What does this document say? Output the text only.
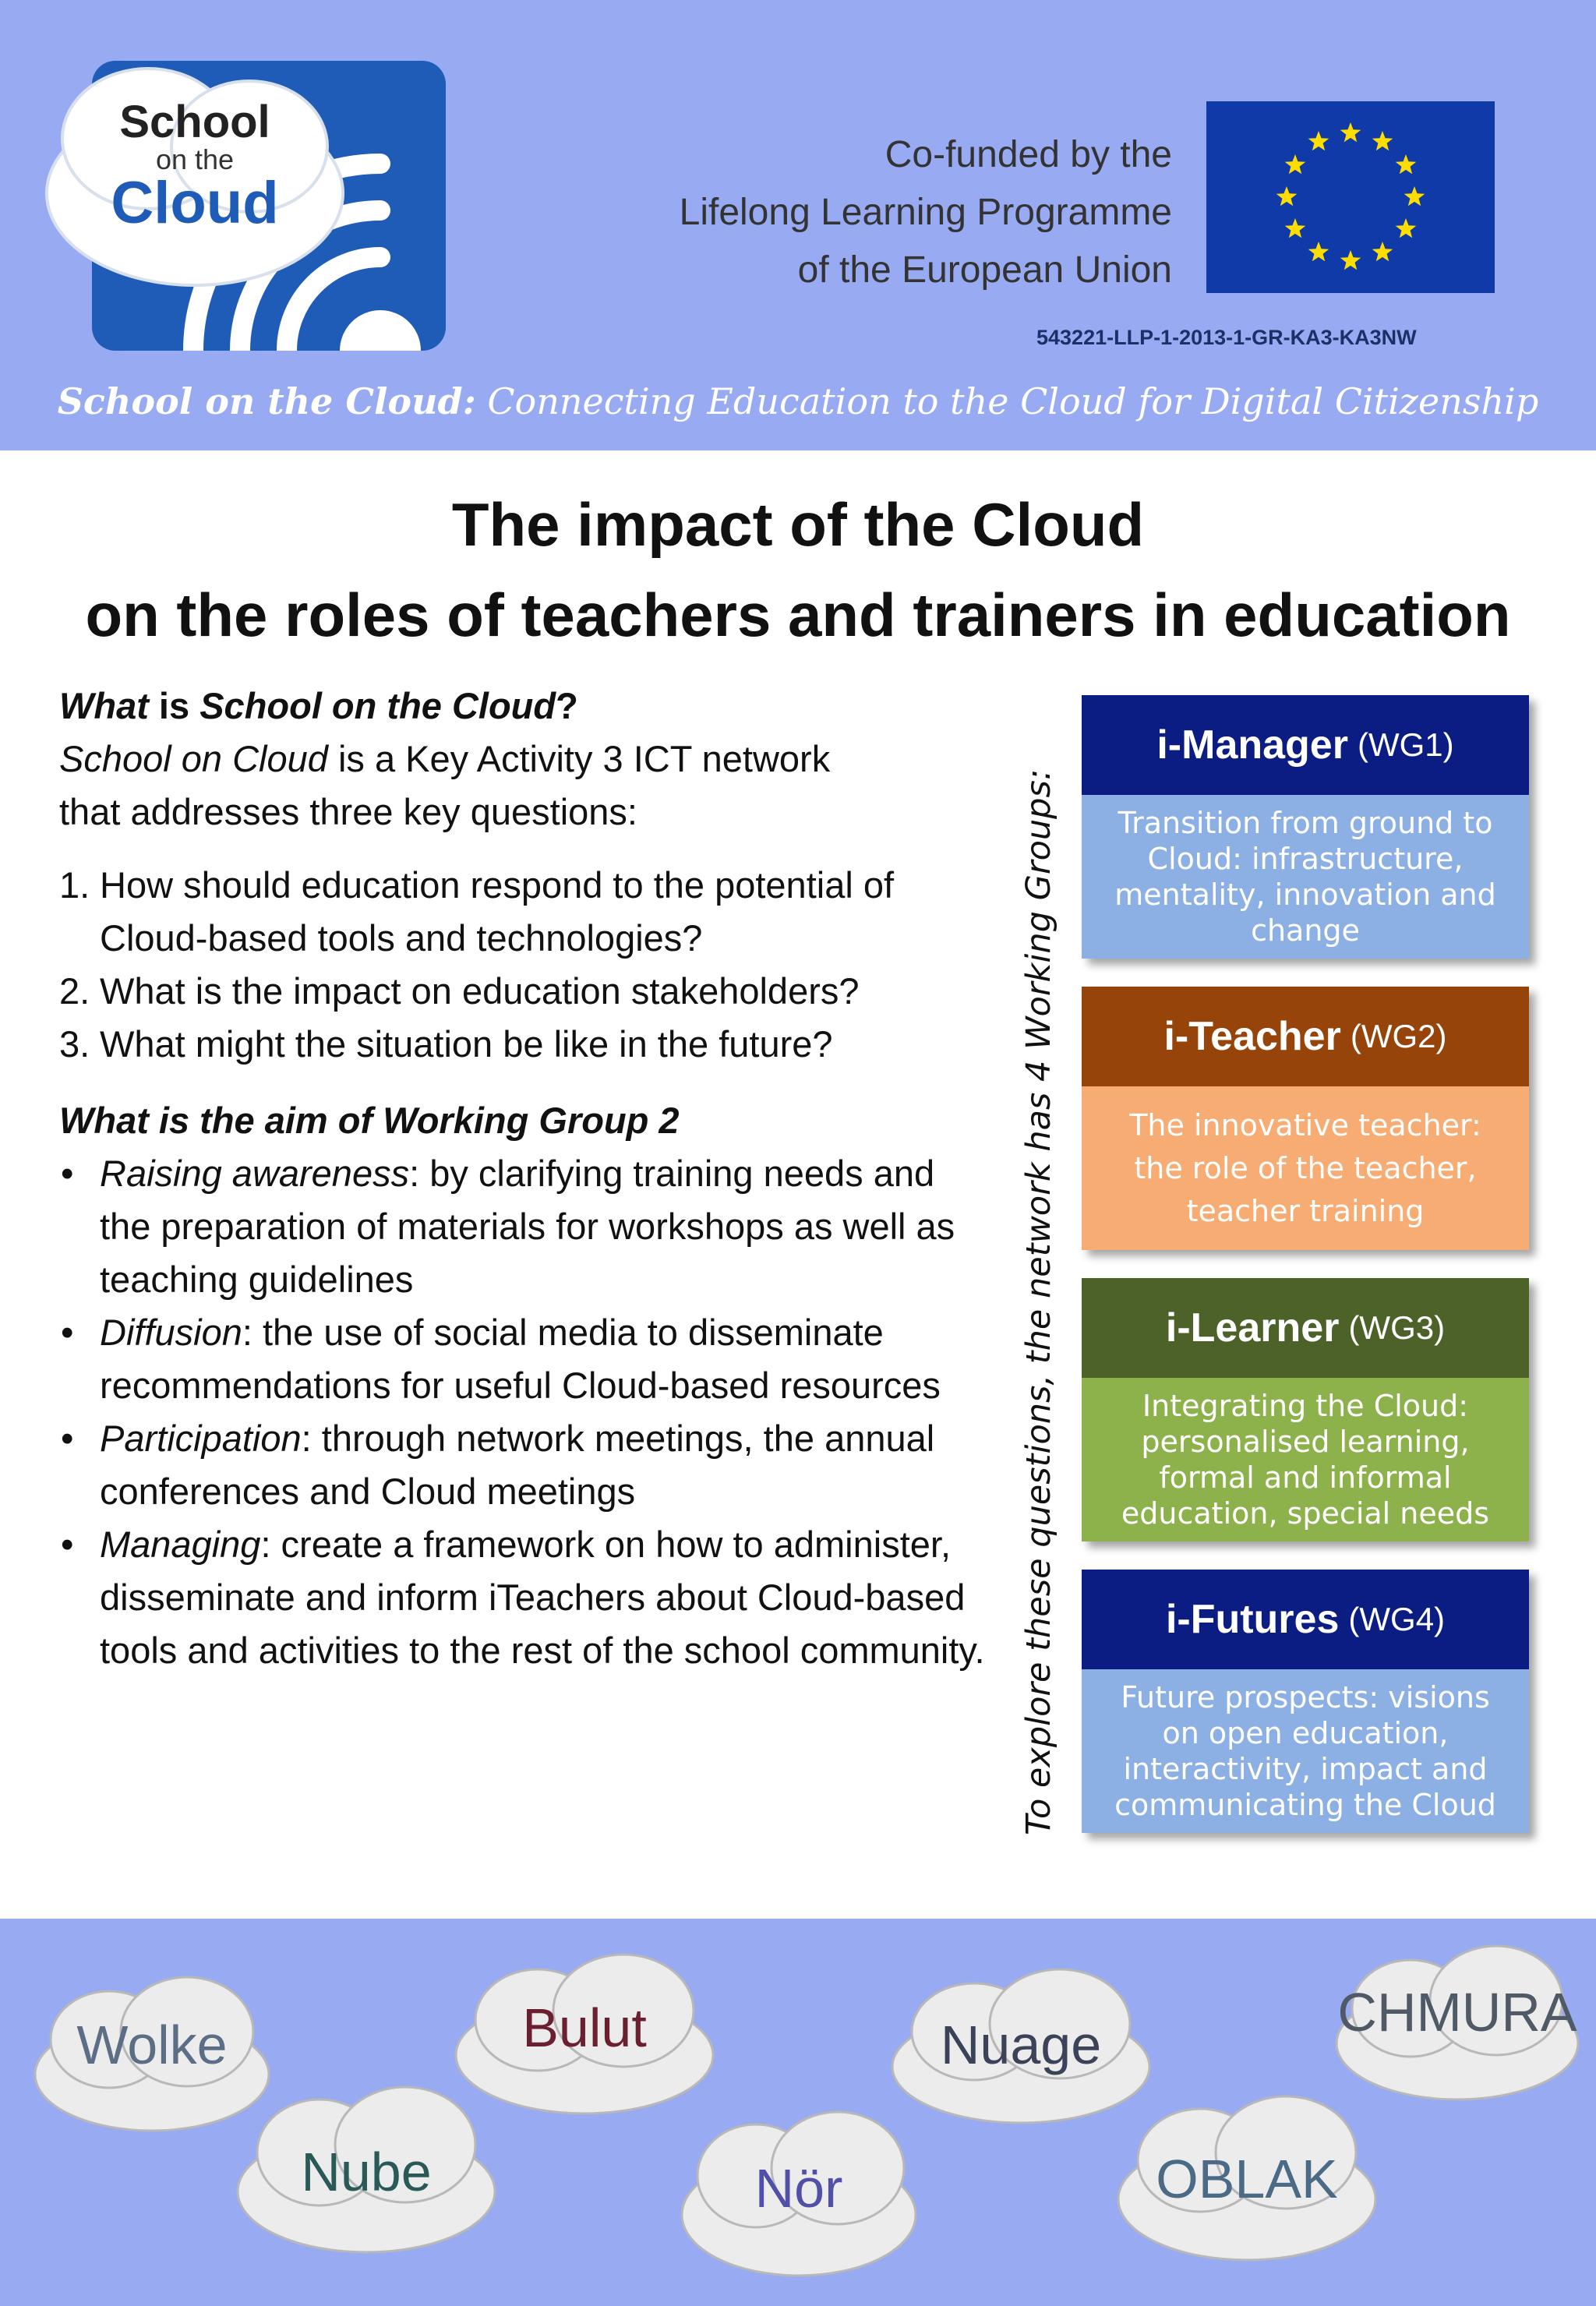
School
on the
Cloud
Co-funded by the
Lifelong Learning Programme
of the European Union
543221-LLP-1-2013-1-GR-KA3-KA3NW
School on the Cloud: Connecting Education to the Cloud for Digital Citizenship
The impact of the Cloud
on the roles of teachers and trainers in education

What is School on the Cloud?

School on Cloud is a Key Activity 3 ICT network

that addresses three key questions:

1. How should education respond to the potential of Cloud-based tools and technologies?
2. What is the impact on education stakeholders?
3. What might the situation be like in the future?

What is the aim of Working Group 2

• Raising awareness: by clarifying training needs and the preparation of materials for workshops as well as teaching guidelines
• Diffusion: the use of social media to disseminate recommendations for useful Cloud-based resources
• Participation: through network meetings, the annual conferences and Cloud meetings
• Managing: create a framework on how to administer, disseminate and inform iTeachers about Cloud-based tools and activities to the rest of the school community. To explore these questions, the network has 4 Working Groups:
i-Manager (WG1)
Transition from ground to Cloud: infrastructure, mentality, innovation and change
i-Teacher (WG2)
The innovative teacher: the role of the teacher, teacher training
i-Learner (WG3)
Integrating the Cloud: personalised learning, formal and informal education, special needs
i-Futures (WG4)
Future prospects: visions on open education, interactivity, impact and communicating the Cloud
Wolke	Bulut	Nuage
CHMURA
Nube	Nör	OBLAK
